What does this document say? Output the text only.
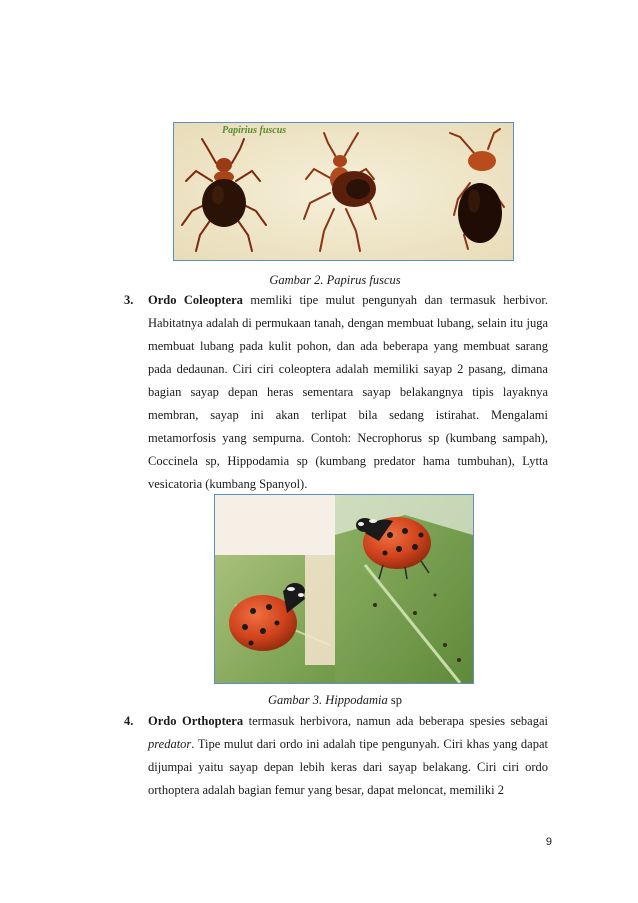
Papirius fuscus
Gambar 2. Papirus fuscus
3. Ordo Coleoptera memliki tipe mulut pengunyah dan termasuk herbivor. Habitatnya adalah di permukaan tanah, dengan membuat lubang, selain itu juga membuat lubang pada kulit pohon, dan ada beberapa yang membuat sarang pada dedaunan. Ciri ciri coleoptera adalah memiliki sayap 2 pasang, dimana bagian sayap depan heras sementara sayap belakangnya tipis layaknya membran, sayap ini akan terlipat bila sedang istirahat. Mengalami metamorfosis yang sempurna. Contoh: Necrophorus sp (kumbang sampah), Coccinela sp, Hippodamia sp (kumbang predator hama tumbuhan), Lytta vesicatoria (kumbang Spanyol).
Gambar 3. Hippodamia sp
4. Ordo Orthoptera termasuk herbivora, namun ada beberapa spesies sebagai predator. Tipe mulut dari ordo ini adalah tipe pengunyah. Ciri khas yang dapat dijumpai yaitu sayap depan lebih keras dari sayap belakang. Ciri ciri ordo orthoptera adalah bagian femur yang besar, dapat meloncat, memiliki 2
9
